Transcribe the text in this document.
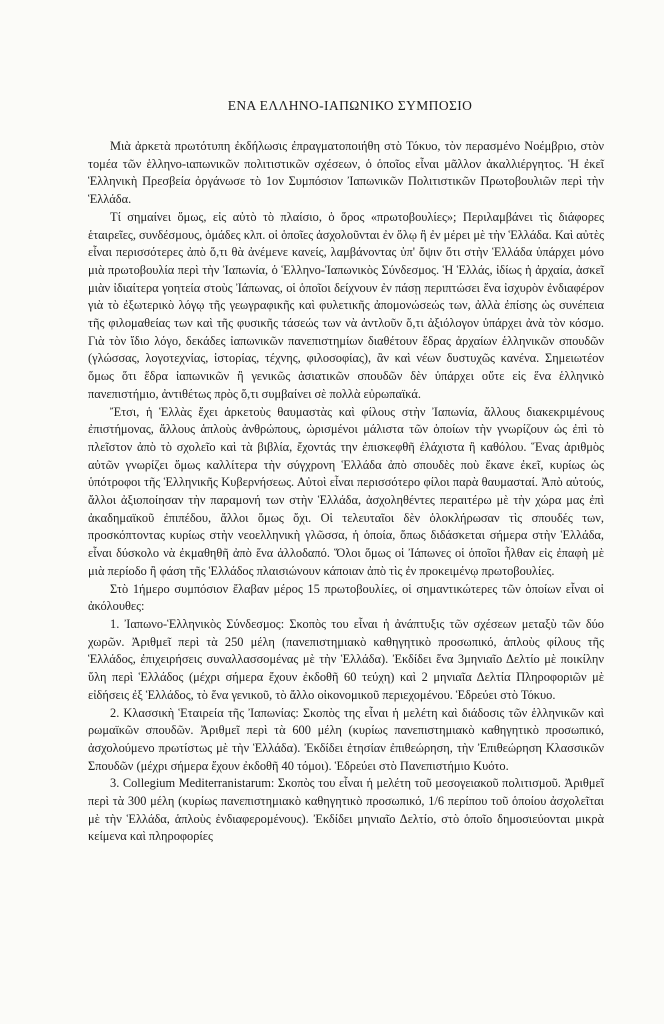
ΕΝΑ ΕΛΛΗΝΟ-ΙΑΠΩΝΙΚΟ ΣΥΜΠΟΣΙΟ

Μιὰ ἀρκετὰ πρωτότυπη ἐκδήλωσις ἐπραγματοποιήθη στὸ Τόκυο, τὸν περασμένο Νοέμβριο, στὸν τομέα τῶν ἑλληνο-ιαπωνικῶν πολιτιστικῶν σχέσεων, ὁ ὁποῖος εἶναι μᾶλλον ἀκαλλιέργητος. Ἡ ἐκεῖ Ἑλληνικὴ Πρεσβεία ὀργάνωσε τὸ 1ον Συμπόσιον Ἰαπωνικῶν Πολιτιστικῶν Πρωτοβουλιῶν περὶ τὴν Ἑλλάδα.

Τί σημαίνει ὅμως, εἰς αὐτὸ τὸ πλαίσιο, ὁ ὅρος «πρωτοβουλίες»; Περιλαμβάνει τὶς διάφορες ἑταιρεῖες, συνδέσμους, ὁμάδες κλπ. οἱ ὁποῖες ἀσχολοῦνται ἐν ὅλῳ ἢ ἐν μέρει μὲ τὴν Ἑλλάδα. Καὶ αὐτὲς εἶναι περισσότερες ἀπὸ ὅ,τι θὰ ἀνέμενε κανείς, λαμβάνοντας ὑπ' ὄψιν ὅτι στὴν Ἑλλάδα ὑπάρχει μόνο μιὰ πρωτοβουλία περὶ τὴν Ἰαπωνία, ὁ Ἑλληνο-Ἰαπωνικὸς Σύνδεσμος. Ἡ Ἑλλάς, ἰδίως ἡ ἀρχαία, ἀσκεῖ μιὰν ἰδιαίτερα γοητεία στοὺς Ἰάπωνας, οἱ ὁποῖοι δείχνουν ἐν πάσῃ περιπτώσει ἕνα ἰσχυρὸν ἐνδιαφέρον γιὰ τὸ ἐξωτερικὸ λόγῳ τῆς γεωγραφικῆς καὶ φυλετικῆς ἀπομονώσεώς των, ἀλλὰ ἐπίσης ὡς συνέπεια τῆς φιλομαθείας των καὶ τῆς φυσικῆς τάσεώς των νὰ ἀντλοῦν ὅ,τι ἀξιόλογον ὑπάρχει ἀνὰ τὸν κόσμο. Γιὰ τὸν ἴδιο λόγο, δεκάδες ἰαπωνικῶν πανεπιστημίων διαθέτουν ἕδρας ἀρχαίων ἑλληνικῶν σπουδῶν (γλώσσας, λογοτεχνίας, ἱστορίας, τέχνης, φιλοσοφίας), ἂν καὶ νέων δυστυχῶς κανένα. Σημειωτέον ὅμως ὅτι ἕδρα ἰαπωνικῶν ἢ γενικῶς ἀσιατικῶν σπουδῶν δὲν ὑπάρχει οὔτε εἰς ἕνα ἑλληνικὸ πανεπιστήμιο, ἀντιθέτως πρὸς ὅ,τι συμβαίνει σὲ πολλὰ εὐρωπαϊκά.

Ἔτσι, ἡ Ἑλλὰς ἔχει ἀρκετοὺς θαυμαστὰς καὶ φίλους στὴν Ἰαπωνία, ἄλλους διακεκριμένους ἐπιστήμονας, ἄλλους ἁπλοὺς ἀνθρώπους, ὡρισμένοι μάλιστα τῶν ὁποίων τὴν γνωρίζουν ὡς ἐπὶ τὸ πλεῖστον ἀπὸ τὸ σχολεῖο καὶ τὰ βιβλία, ἔχοντάς την ἐπισκεφθῆ ἐλάχιστα ἢ καθόλου. Ἕνας ἀριθμὸς αὐτῶν γνωρίζει ὅμως καλλίτερα τὴν σύγχρονη Ἑλλάδα ἀπὸ σπουδὲς ποὺ ἔκανε ἐκεῖ, κυρίως ὡς ὑπότροφοι τῆς Ἑλληνικῆς Κυβερνήσεως. Αὐτοὶ εἶναι περισσότερο φίλοι παρὰ θαυμασταί. Ἀπὸ αὐτούς, ἄλλοι ἀξιοποίησαν τὴν παραμονή των στὴν Ἑλλάδα, ἀσχοληθέντες περαιτέρω μὲ τὴν χώρα μας ἐπὶ ἀκαδημαϊκοῦ ἐπιπέδου, ἄλλοι ὅμως ὄχι. Οἱ τελευταῖοι δὲν ὁλοκλήρωσαν τὶς σπουδές των, προσκόπτοντας κυρίως στὴν νεοελληνικὴ γλῶσσα, ἡ ὁποία, ὅπως διδάσκεται σήμερα στὴν Ἑλλάδα, εἶναι δύσκολο νὰ ἐκμαθηθῆ ἀπὸ ἕνα ἀλλοδαπό. Ὅλοι ὅμως οἱ Ἰάπωνες οἱ ὁποῖοι ἦλθαν εἰς ἐπαφὴ μὲ μιὰ περίοδο ἢ φάση τῆς Ἑλλάδος πλαισιώνουν κάποιαν ἀπὸ τὶς ἐν προκειμένῳ πρωτοβουλίες.

Στὸ 1ήμερο συμπόσιον ἔλαβαν μέρος 15 πρωτοβουλίες, οἱ σημαντικώτερες τῶν ὁποίων εἶναι οἱ ἀκόλουθες:

1. Ἰαπωνο-Ἑλληνικὸς Σύνδεσμος: Σκοπὸς του εἶναι ἡ ἀνάπτυξις τῶν σχέσεων μεταξὺ τῶν δύο χωρῶν. Ἀριθμεῖ περὶ τὰ 250 μέλη (πανεπιστημιακὸ καθηγητικὸ προσωπικό, ἁπλοὺς φίλους τῆς Ἑλλάδος, ἐπιχειρήσεις συναλλασσομένας μὲ τὴν Ἑλλάδα). Ἐκδίδει ἕνα 3μηνιαῖο Δελτίο μὲ ποικίλην ὕλη περὶ Ἑλλάδος (μέχρι σήμερα ἔχουν ἐκδοθῆ 60 τεύχη) καὶ 2 μηνιαῖα Δελτία Πληροφοριῶν μὲ εἰδήσεις ἐξ Ἑλλάδος, τὸ ἕνα γενικοῦ, τὸ ἄλλο οἰκονομικοῦ περιεχομένου. Ἑδρεύει στὸ Τόκυο.

2. Κλασσικὴ Ἑταιρεία τῆς Ἰαπωνίας: Σκοπὸς της εἶναι ἡ μελέτη καὶ διάδοσις τῶν ἑλληνικῶν καὶ ρωμαϊκῶν σπουδῶν. Ἀριθμεῖ περὶ τὰ 600 μέλη (κυρίως πανεπιστημιακὸ καθηγητικὸ προσωπικό, ἀσχολούμενο πρωτίστως μὲ τὴν Ἑλλάδα). Ἐκδίδει ἐτησίαν ἐπιθεώρηση, τὴν Ἐπιθεώρηση Κλασσικῶν Σπουδῶν (μέχρι σήμερα ἔχουν ἐκδοθῆ 40 τόμοι). Ἑδρεύει στὸ Πανεπιστήμιο Κυότο.

3. Collegium Mediterranistarum: Σκοπὸς του εἶναι ἡ μελέτη τοῦ μεσογειακοῦ πολιτισμοῦ. Ἀριθμεῖ περὶ τὰ 300 μέλη (κυρίως πανεπιστημιακὸ καθηγητικὸ προσωπικό, 1/6 περίπου τοῦ ὁποίου ἀσχολεῖται μὲ τὴν Ἑλλάδα, ἁπλοὺς ἐνδιαφερομένους). Ἐκδίδει μηνιαῖο Δελτίο, στὸ ὁποῖο δημοσιεύονται μικρὰ κείμενα καὶ πληροφορίες
